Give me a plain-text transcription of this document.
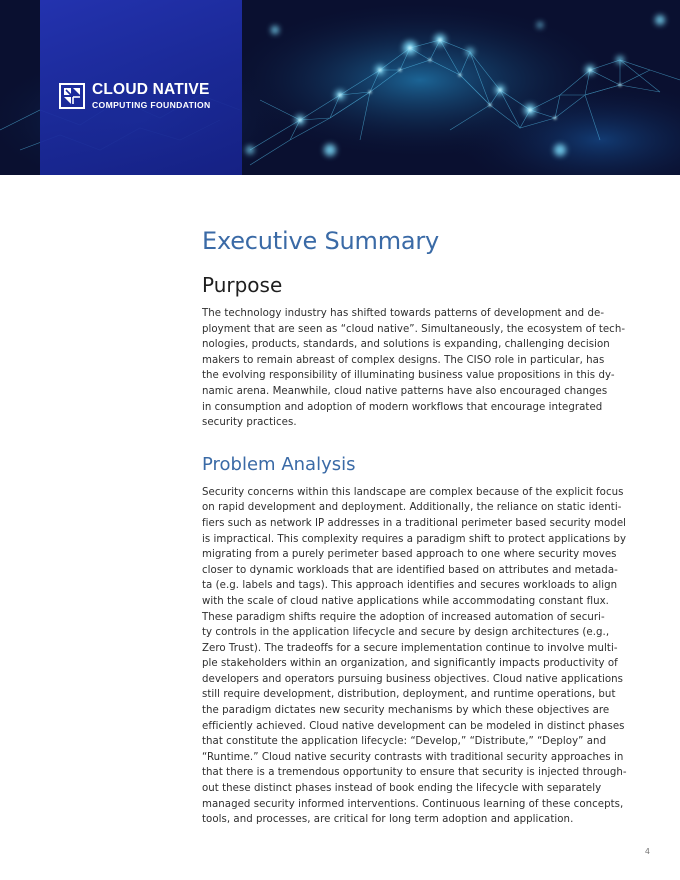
CLOUD NATIVE
COMPUTING FOUNDATION
Executive Summary
Purpose

The technology industry has shifted towards patterns of development and de-
ployment that are seen as “cloud native”. Simultaneously, the ecosystem of tech-
nologies, products, standards, and solutions is expanding, challenging decision
makers to remain abreast of complex designs. The CISO role in particular, has
the evolving responsibility of illuminating business value propositions in this dy-
namic arena. Meanwhile, cloud native patterns have also encouraged changes
in consumption and adoption of modern workflows that encourage integrated
security practices.

Problem Analysis

Security concerns within this landscape are complex because of the explicit focus
on rapid development and deployment. Additionally, the reliance on static identi-
fiers such as network IP addresses in a traditional perimeter based security model
is impractical. This complexity requires a paradigm shift to protect applications by
migrating from a purely perimeter based approach to one where security moves
closer to dynamic workloads that are identified based on attributes and metada-
ta (e.g. labels and tags). This approach identifies and secures workloads to align
with the scale of cloud native applications while accommodating constant flux.
These paradigm shifts require the adoption of increased automation of securi-
ty controls in the application lifecycle and secure by design architectures (e.g.,
Zero Trust). The tradeoffs for a secure implementation continue to involve multi-
ple stakeholders within an organization, and significantly impacts productivity of
developers and operators pursuing business objectives. Cloud native applications
still require development, distribution, deployment, and runtime operations, but
the paradigm dictates new security mechanisms by which these objectives are
efficiently achieved. Cloud native development can be modeled in distinct phases
that constitute the application lifecycle: “Develop,” “Distribute,” “Deploy” and
“Runtime.” Cloud native security contrasts with traditional security approaches in
that there is a tremendous opportunity to ensure that security is injected through-
out these distinct phases instead of book ending the lifecycle with separately
managed security informed interventions. Continuous learning of these concepts,
tools, and processes, are critical for long term adoption and application.

4
